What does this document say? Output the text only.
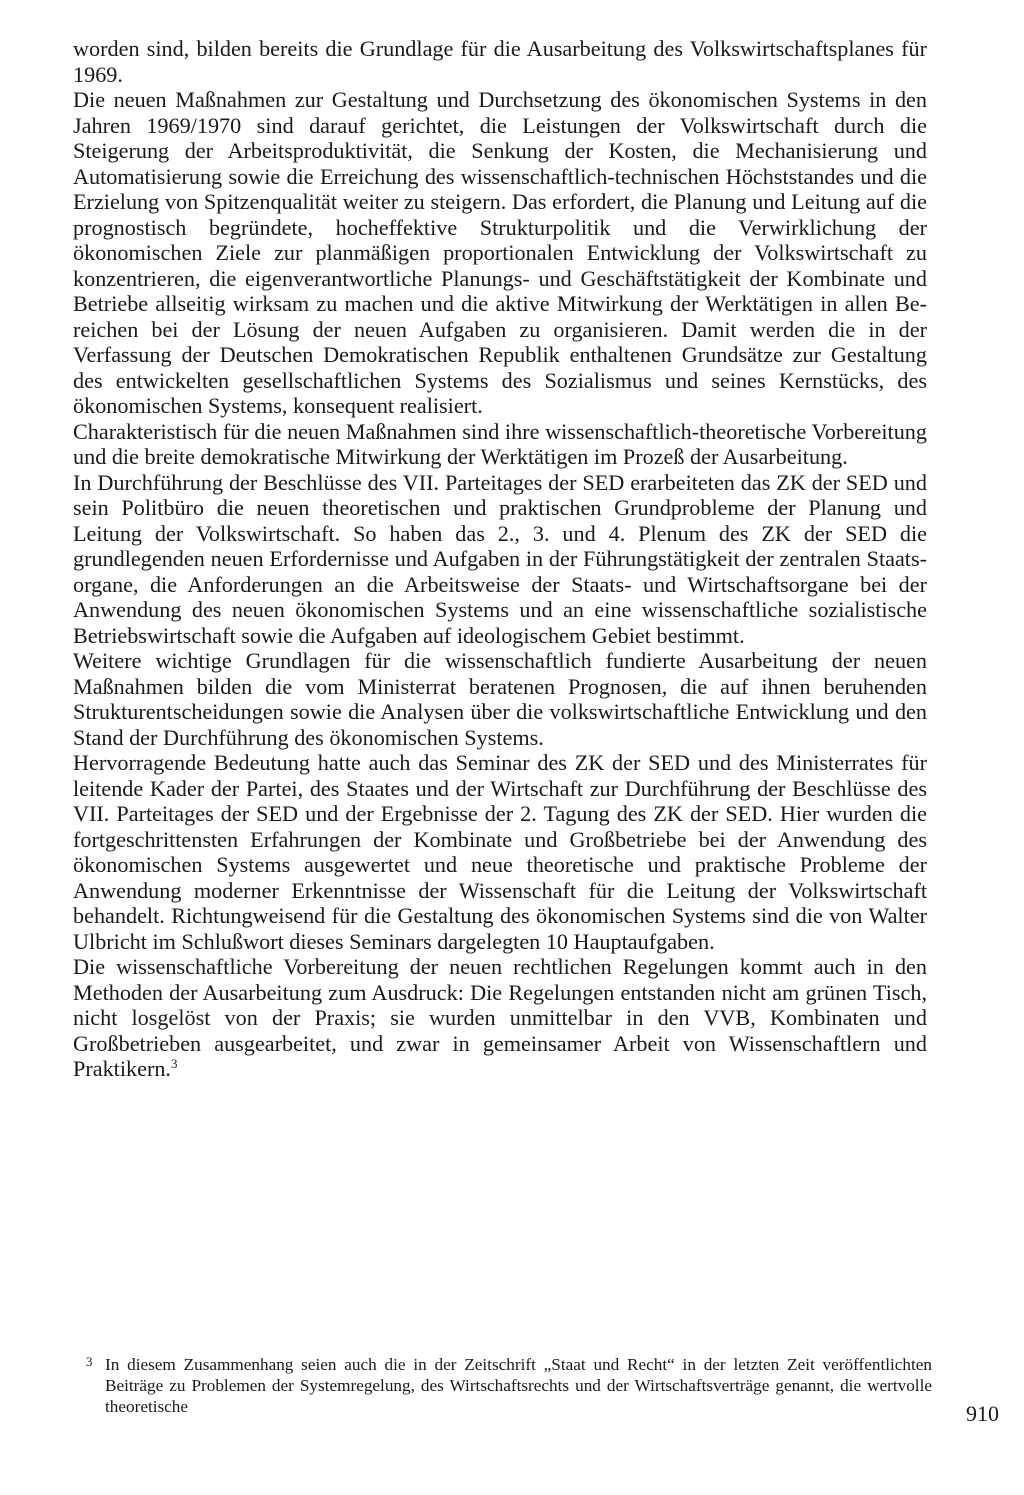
worden sind, bilden bereits die Grundlage für die Ausarbeitung des Volkswirtschaftsplanes für 1969.

Die neuen Maßnahmen zur Gestaltung und Durchsetzung des ökonomischen Systems in den Jahren 1969/1970 sind darauf gerichtet, die Leistungen der Volkswirtschaft durch die Steigerung der Arbeitsproduktivität, die Senkung der Kosten, die Mechanisierung und Automatisierung sowie die Erreichung des wissenschaftlich-technischen Höchststandes und die Erzielung von Spitzenqualität weiter zu steigern. Das erfordert, die Planung und Leitung auf die prognostisch begründete, hocheffektive Strukturpolitik und die Verwirklichung der ökonomischen Ziele zur planmäßigen proportionalen Entwicklung der Volkswirtschaft zu konzentrieren, die eigenverantwortliche Planungs- und Geschäftstätigkeit der Kombinate und Betriebe allseitig wirksam zu machen und die aktive Mitwirkung der Werktätigen in allen Bereichen bei der Lösung der neuen Aufgaben zu organisieren. Damit werden die in der Verfassung der Deutschen Demokratischen Republik enthaltenen Grundsätze zur Gestaltung des entwickelten gesellschaftlichen Systems des Sozialismus und seines Kernstücks, des ökonomischen Systems, konsequent realisiert.

Charakteristisch für die neuen Maßnahmen sind ihre wissenschaftlich-theoretische Vorbereitung und die breite demokratische Mitwirkung der Werktätigen im Prozeß der Ausarbeitung.

In Durchführung der Beschlüsse des VII. Parteitages der SED erarbeiteten das ZK der SED und sein Politbüro die neuen theoretischen und praktischen Grundprobleme der Planung und Leitung der Volkswirtschaft. So haben das 2., 3. und 4. Plenum des ZK der SED die grundlegenden neuen Erfordernisse und Aufgaben in der Führungstätigkeit der zentralen Staatsorgane, die Anforderungen an die Arbeitsweise der Staats- und Wirtschaftsorgane bei der Anwendung des neuen ökonomischen Systems und an eine wissenschaftliche sozialistische Betriebswirtschaft sowie die Aufgaben auf ideologischem Gebiet bestimmt.

Weitere wichtige Grundlagen für die wissenschaftlich fundierte Ausarbeitung der neuen Maßnahmen bilden die vom Ministerrat beratenen Prognosen, die auf ihnen beruhenden Strukturentscheidungen sowie die Analysen über die volkswirtschaftliche Entwicklung und den Stand der Durchführung des ökonomischen Systems.

Hervorragende Bedeutung hatte auch das Seminar des ZK der SED und des Ministerrates für leitende Kader der Partei, des Staates und der Wirtschaft zur Durchführung der Beschlüsse des VII. Parteitages der SED und der Ergebnisse der 2. Tagung des ZK der SED. Hier wurden die fortgeschrittensten Erfahrungen der Kombinate und Großbetriebe bei der Anwendung des ökonomischen Systems ausgewertet und neue theoretische und praktische Probleme der Anwendung moderner Erkenntnisse der Wissenschaft für die Leitung der Volkswirtschaft behandelt. Richtungweisend für die Gestaltung des ökonomischen Systems sind die von Walter Ulbricht im Schlußwort dieses Seminars dargelegten 10 Hauptaufgaben.

Die wissenschaftliche Vorbereitung der neuen rechtlichen Regelungen kommt auch in den Methoden der Ausarbeitung zum Ausdruck: Die Regelungen entstanden nicht am grünen Tisch, nicht losgelöst von der Praxis; sie wurden unmittelbar in den VVB, Kombinaten und Großbetrieben ausgearbeitet, und zwar in gemeinsamer Arbeit von Wissenschaftlern und Praktikern.$^3$

3 In diesem Zusammenhang seien auch die in der Zeitschrift „Staat und Recht“ in der letzten Zeit veröffentlichten Beiträge zu Problemen der Systemregelung, des Wirtschaftsrechts und der Wirtschaftsverträge genannt, die wertvolle theoretische	910
